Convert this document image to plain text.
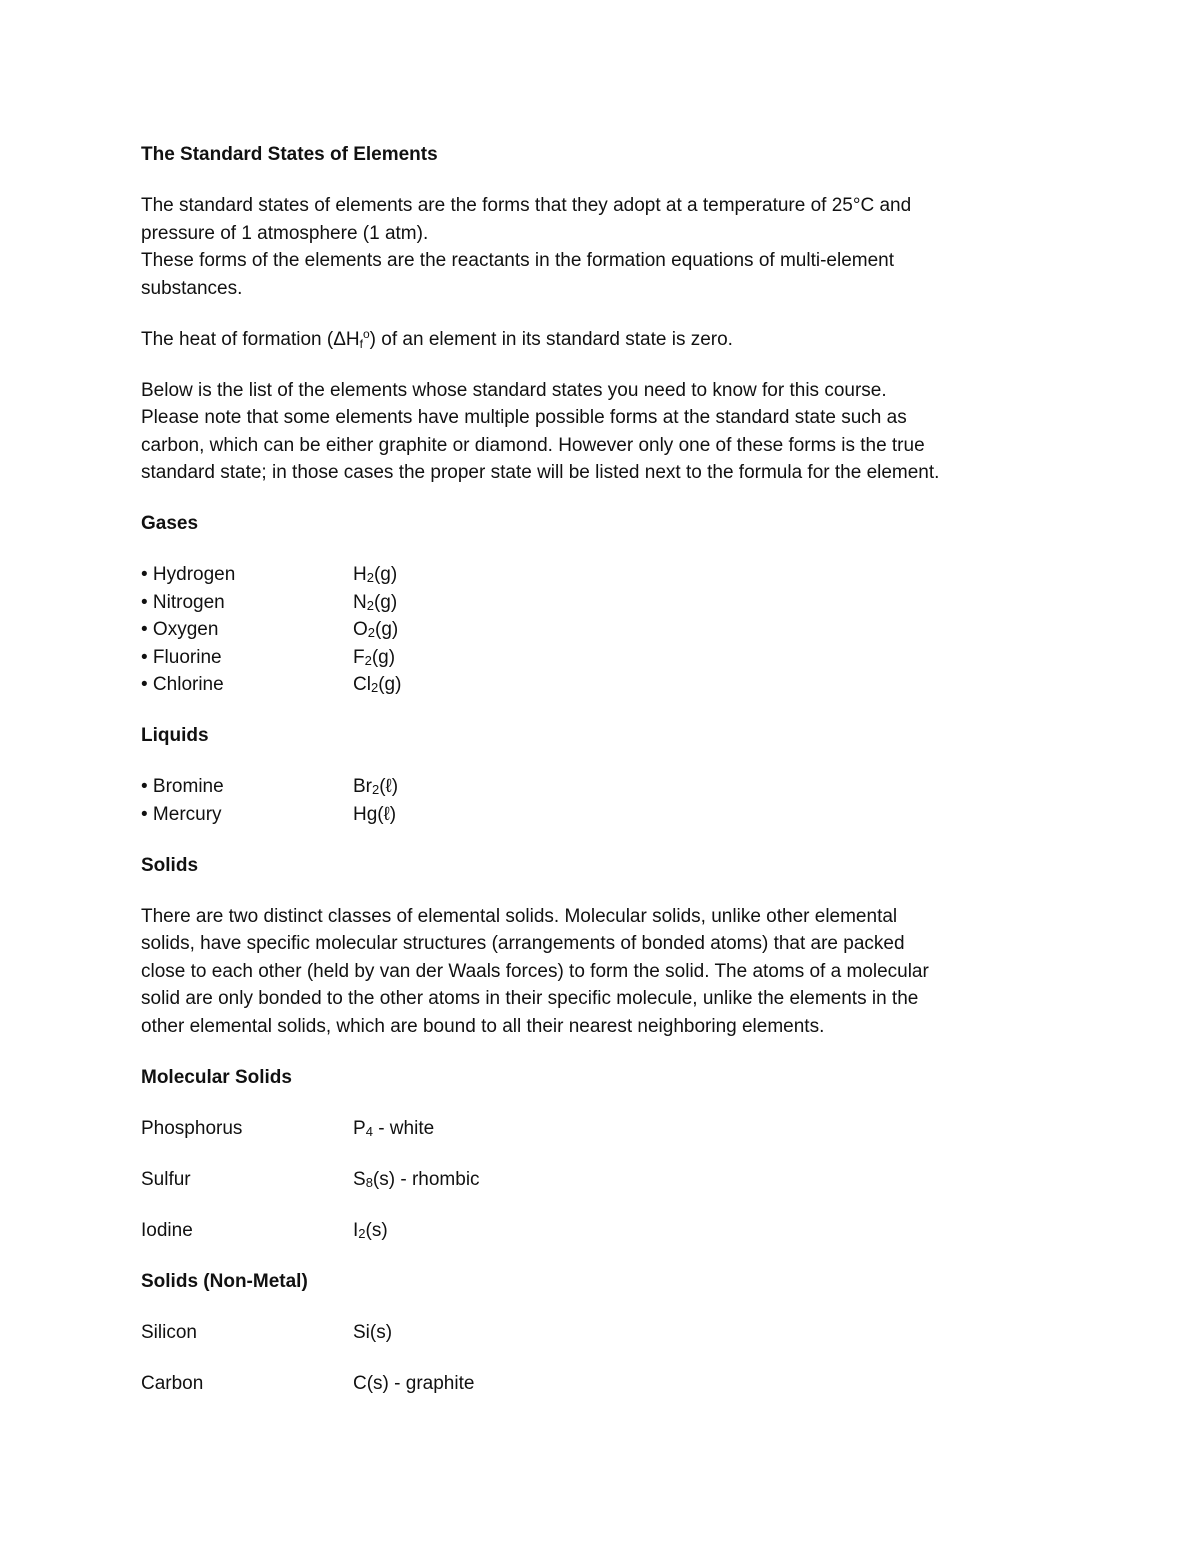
The Standard States of Elements

The standard states of elements are the forms that they adopt at a temperature of 25°C and

pressure of 1 atmosphere (1 atm).

These forms of the elements are the reactants in the formation equations of multi-element

substances.

The heat of formation $(\Delta H_f^o)$ of an element in its standard state is zero.

Below is the list of the elements whose standard states you need to know for this course.

Please note that some elements have multiple possible forms at the standard state such as

carbon, which can be either graphite or diamond. However only one of these forms is the true

standard state; in those cases the proper state will be listed next to the formula for the element.

Gases

• Hydrogen	$H_2(g)$
• Nitrogen	$N_2(g)$
• Oxygen	$O_2(g)$
• Fluorine	$F_2(g)$
• Chlorine	$Cl_2(g)$

Liquids

• Bromine	$Br_2(\ell)$
• Mercury	Hg(ℓ)

Solids

There are two distinct classes of elemental solids. Molecular solids, unlike other elemental

solids, have specific molecular structures (arrangements of bonded atoms) that are packed

close to each other (held by van der Waals forces) to form the solid. The atoms of a molecular

solid are only bonded to the other atoms in their specific molecule, unlike the elements in the

other elemental solids, which are bound to all their nearest neighboring elements.

Molecular Solids

Phosphorus	$P_4$ - white
Sulfur	$S_8(s)$ - rhombic
Iodine	$I_2(s)$

Solids (Non-Metal)

Silicon	Si(s)
Carbon	C(s) - graphite
